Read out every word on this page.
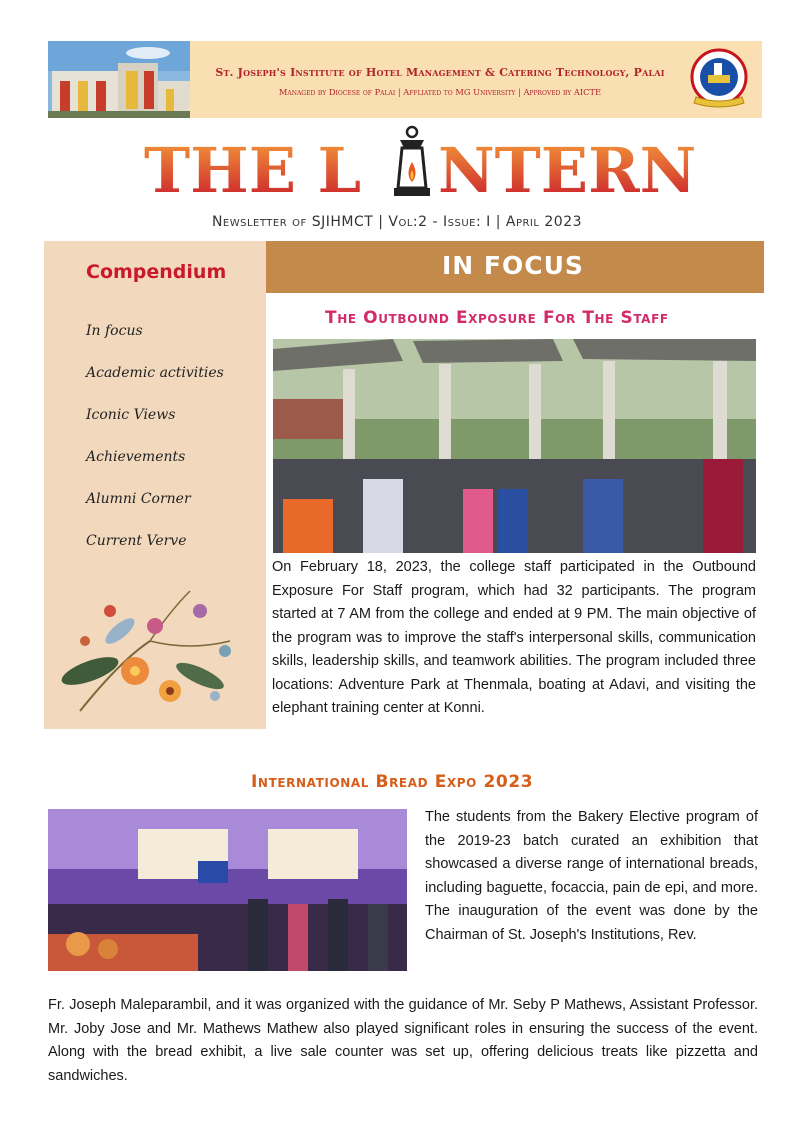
St. Joseph's Institute of Hotel Management & Catering Technology, Palai
Managed by Diocese of Palai | Affliated to MG University | Approved by AICTE
THE L NTERN
Newsletter of SJIHMCT | Vol:2 - Issue: I | April 2023
Compendium
In focus
Academic activities
Iconic Views
Achievements
Alumni Corner
Current Verve
IN FOCUS
The Outbound Exposure For The Staff

On February 18, 2023, the college staff participated in the Outbound Exposure For Staff program, which had 32 participants. The program started at 7 AM from the college and ended at 9 PM. The main objective of the program was to improve the staff's interpersonal skills, communication skills, leadership skills, and teamwork abilities. The program included three locations: Adventure Park at Thenmala, boating at Adavi, and visiting the elephant training center at Konni.

International Bread Expo 2023

The students from the Bakery Elective program of the 2019-23 batch curated an exhibition that showcased a diverse range of international breads, including baguette, focaccia, pain de epi, and more. The inauguration of the event was done by the Chairman of St. Joseph's Institutions, Rev.

Fr. Joseph Maleparambil, and it was organized with the guidance of Mr. Seby P Mathews, Assistant Professor. Mr. Joby Jose and Mr. Mathews Mathew also played significant roles in ensuring the success of the event. Along with the bread exhibit, a live sale counter was set up, offering delicious treats like pizzetta and sandwiches.
